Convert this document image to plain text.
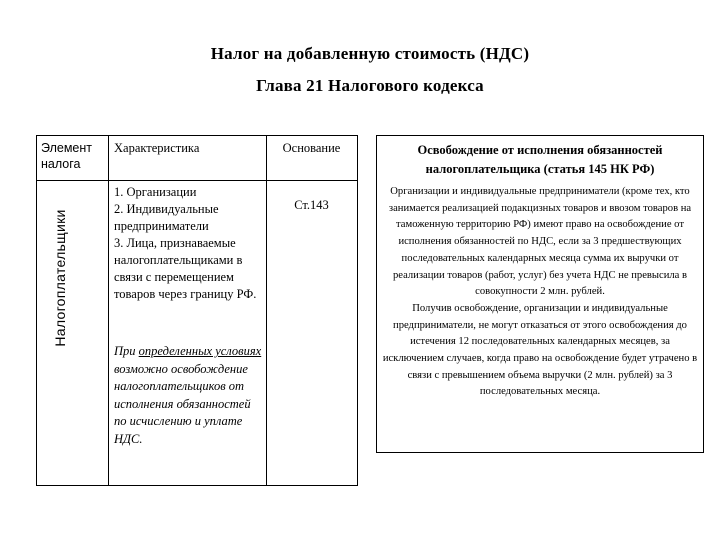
Налог на добавленную стоимость (НДС)
Глава 21 Налогового кодекса
Элемент налога
Характеристика	Основание
Налогоплательщики
1. Организации
2. Индивидуальные предприниматели
3. Лица, признаваемые налогоплательщиками в связи с перемещением товаров через границу РФ.
При определенных условиях возможно освобождение налогоплательщиков от исполнения обязанностей по исчислению и уплате НДС.
Ст.143
Освобождение от исполнения обязанностей налогоплательщика (статья 145 НК РФ)

Организации и индивидуальные предприниматели (кроме тех, кто занимается реализацией подакцизных товаров и ввозом товаров на таможенную территорию РФ) имеют право на освобождение от исполнения обязанностей по НДС, если за 3 предшествующих последовательных календарных месяца сумма их выручки от реализации товаров (работ, услуг) без учета НДС не превысила в совокупности 2 млн. рублей.

Получив освобождение, организации и индивидуальные предприниматели, не могут отказаться от этого освобождения до истечения 12 последовательных календарных месяцев, за исключением случаев, когда право на освобождение будет утрачено в связи с превышением объема выручки (2 млн. рублей) за 3 последовательных месяца.
